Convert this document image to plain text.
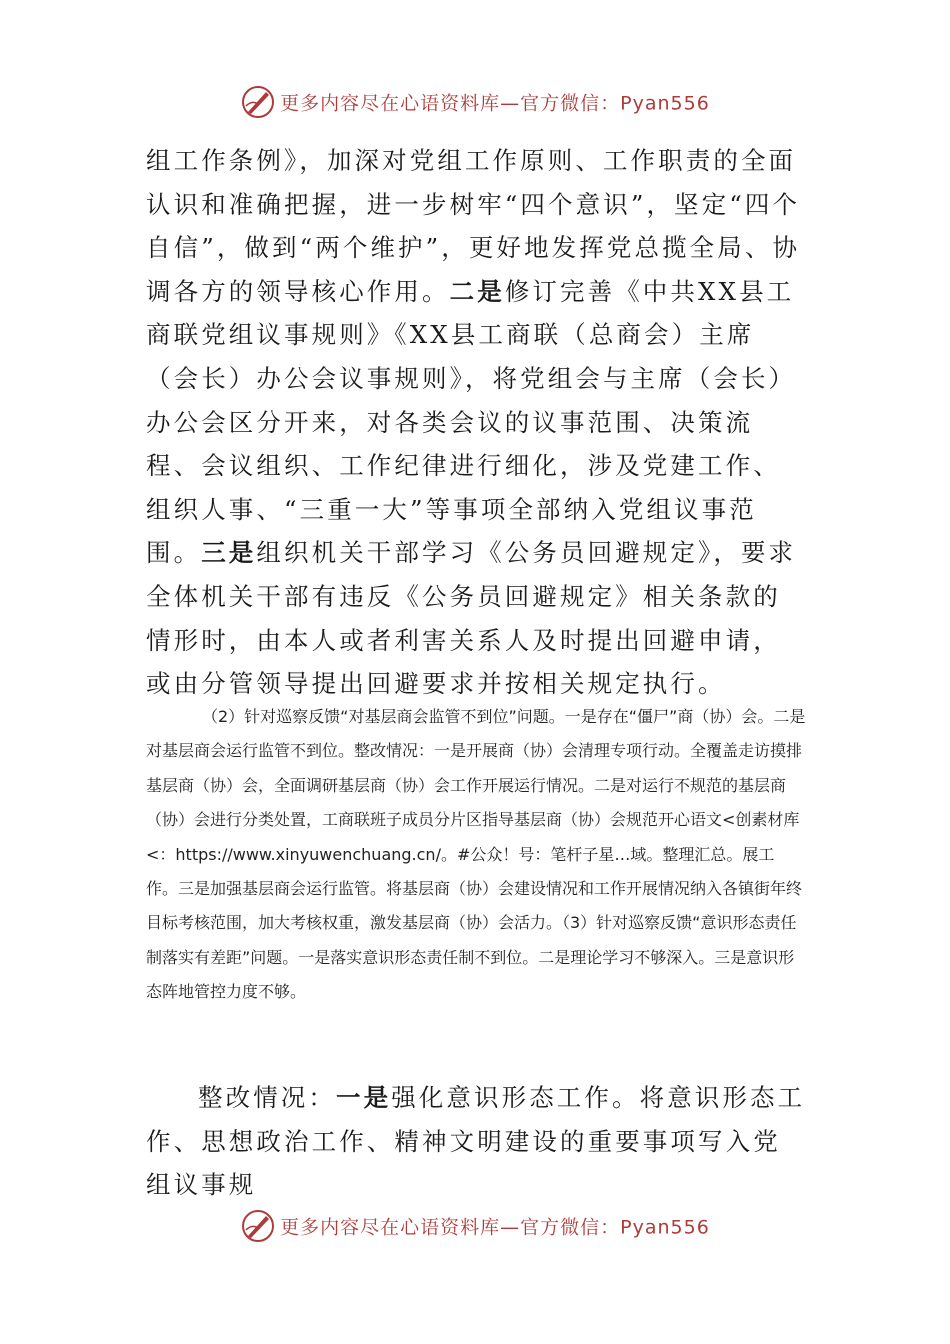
更多内容尽在心语资料库—官方微信：Pyan556

组工作条例》，加深对党组工作原则、工作职责的全面认识和准确把握，进一步树牢“四个意识”，坚定“四个自信”，做到“两个维护”，更好地发挥党总揽全局、协调各方的领导核心作用。二是修订完善《中共XX县工商联党组议事规则》《XX县工商联（总商会）主席（会长）办公会议事规则》，将党组会与主席（会长）办公会区分开来，对各类会议的议事范围、决策流程、会议组织、工作纪律进行细化，涉及党建工作、组织人事、“三重一大”等事项全部纳入党组议事范围。三是组织机关干部学习《公务员回避规定》，要求全体机关干部有违反《公务员回避规定》相关条款的情形时，由本人或者利害关系人及时提出回避申请，或由分管领导提出回避要求并按相关规定执行。

（2）针对巡察反馈“对基层商会监管不到位”问题。一是存在“僵尸”商（协）会。二是对基层商会运行监管不到位。整改情况：一是开展商（协）会清理专项行动。全覆盖走访摸排基层商（协）会，全面调研基层商（协）会工作开展运行情况。二是对运行不规范的基层商（协）会进行分类处置，工商联班子成员分片区指导基层商（协）会规范开心语文<创素材库<：https://www.xinyuwenchuang.cn/。#公众！号：笔杆子星…域。整理汇总。展工作。三是加强基层商会运行监管。将基层商（协）会建设情况和工作开展情况纳入各镇街年终目标考核范围，加大考核权重，激发基层商（协）会活力。（3）针对巡察反馈“意识形态责任制落实有差距”问题。一是落实意识形态责任制不到位。二是理论学习不够深入。三是意识形态阵地管控力度不够。

整改情况：一是强化意识形态工作。将意识形态工作、思想政治工作、精神文明建设的重要事项写入党组议事规

更多内容尽在心语资料库—官方微信：Pyan556
